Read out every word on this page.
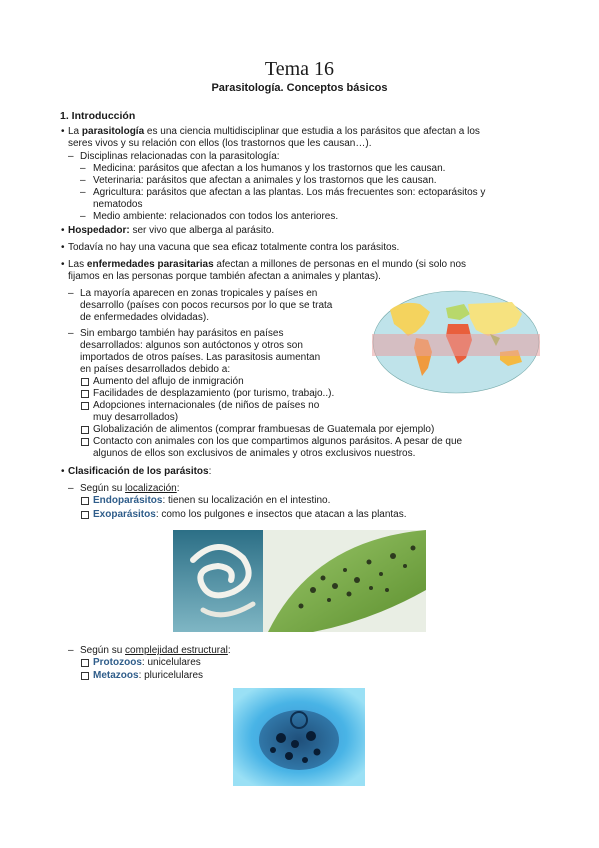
Tema 16
Parasitología. Conceptos básicos
1. Introducción
• La parasitología es una ciencia multidisciplinar que estudia a los parásitos que afectan a los
seres vivos y su relación con ellos (los trastornos que les causan…).
– Disciplinas relacionadas con la parasitología:
– Medicina: parásitos que afectan a los humanos y los trastornos que les causan.
– Veterinaria: parásitos que afectan a animales y los trastornos que les causan.
– Agricultura: parásitos que afectan a las plantas. Los más frecuentes son: ectoparásitos y
nematodos
– Medio ambiente: relacionados con todos los anteriores.
• Hospedador: ser vivo que alberga al parásito.
• Todavía no hay una vacuna que sea eficaz totalmente contra los parásitos.
• Las enfermedades parasitarias afectan a millones de personas en el mundo (si solo nos
fijamos en las personas porque también afectan a animales y plantas).
– La mayoría aparecen en zonas tropicales y países en
desarrollo (países con pocos recursos por lo que se trata
de enfermedades olvidadas).
– Sin embargo también hay parásitos en países
desarrollados: algunos son autóctonos y otros son
importados de otros países. Las parasitosis aumentan
en países desarrollados debido a:
Aumento del aflujo de inmigración
Facilidades de desplazamiento (por turismo, trabajo..).
Adopciones internacionales (de niños de países no
muy desarrollados)
Globalización de alimentos (comprar frambuesas de Guatemala por ejemplo)
Contacto con animales con los que compartimos algunos parásitos. A pesar de que
algunos de ellos son exclusivos de animales y otros exclusivos nuestros.
• Clasificación de los parásitos:
– Según su localización:
Endoparásitos: tienen su localización en el intestino.
Exoparásitos: como los pulgones e insectos que atacan a las plantas.
– Según su complejidad estructural:
Protozoos: unicelulares
Metazoos: pluricelulares
